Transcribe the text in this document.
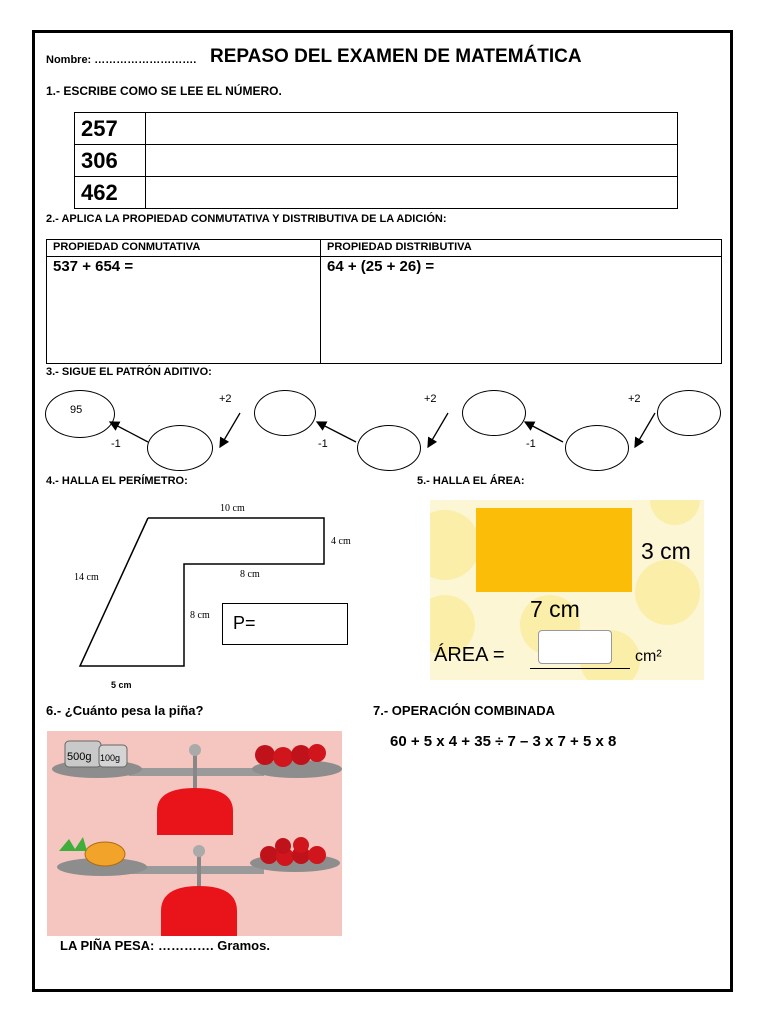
Nombre: ………………………. REPASO DEL EXAMEN DE MATEMÁTICA
1.- ESCRIBE COMO SE LEE EL NÚMERO.
257	
306	
462	
2.- APLICA LA PROPIEDAD CONMUTATIVA Y DISTRIBUTIVA DE LA ADICIÓN:
PROPIEDAD CONMUTATIVA	PROPIEDAD DISTRIBUTIVA
537 + 654 =	64 + (25 + 26) =
3.- SIGUE EL PATRÓN ADITIVO:
95
+2	+2	+2
-1	-1	-1
4.- HALLA EL PERÍMETRO:
10 cm
4 cm
8 cm
14 cm
8 cm
5 cm
P=
5.- HALLA EL ÁREA:
3 cm
7 cm
ÁREA =	cm²
6.- ¿Cuánto pesa la piña?
500g 100g
LA PIÑA PESA: …………. Gramos.
7.- OPERACIÓN COMBINADA
60 + 5 x 4 + 35 ÷ 7 – 3 x 7 + 5 x 8
